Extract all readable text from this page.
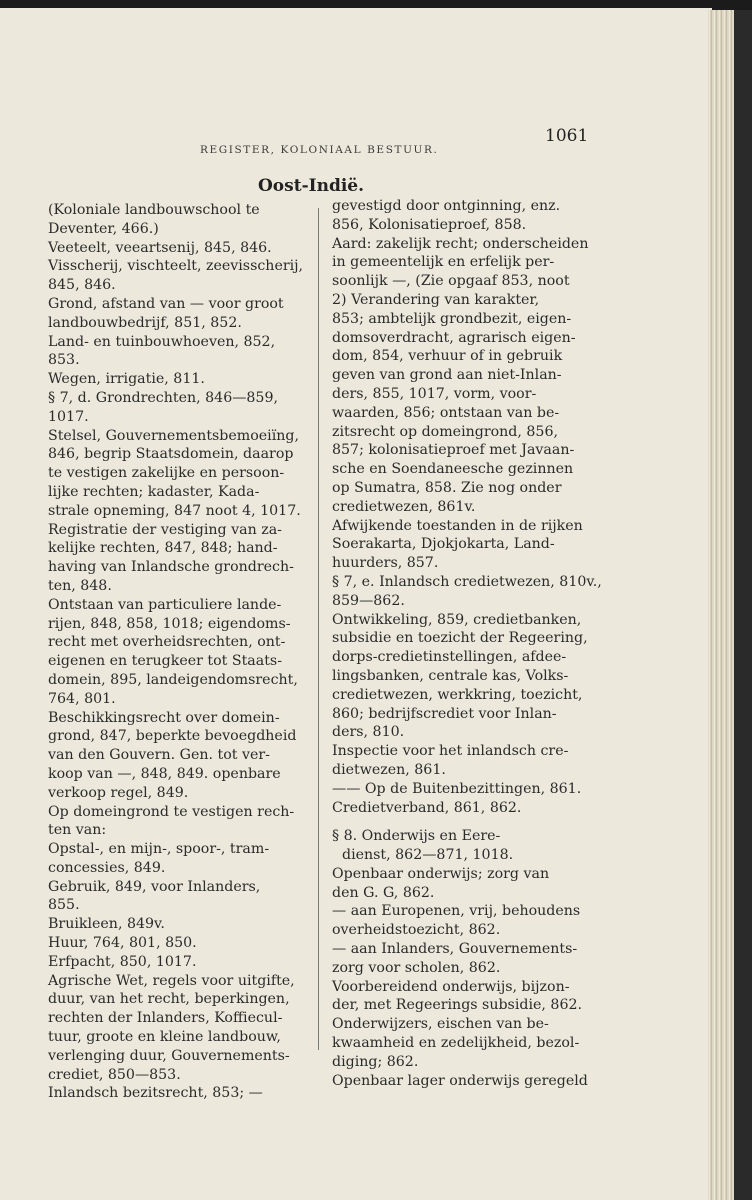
REGISTER, KOLONIAAL BESTUUR.
1061
Oost-Indië.
(Koloniale landbouwschool te
Deventer, 466.)
Veeteelt, veeartsenij, 845, 846.
Visscherij, vischteelt, zeevisscherij,
845, 846.
Grond, afstand van — voor groot
landbouwbedrijf, 851, 852.
Land- en tuinbouwhoeven, 852,
853.
Wegen, irrigatie, 811.
§ 7, d. Grondrechten, 846—859,
1017.
Stelsel, Gouvernementsbemoeiïng,
846, begrip Staatsdomein, daarop
te vestigen zakelijke en persoon-
lijke rechten; kadaster, Kada-
strale opneming, 847 noot 4, 1017.
Registratie der vestiging van za-
kelijke rechten, 847, 848; hand-
having van Inlandsche grondrech-
ten, 848.
Ontstaan van particuliere lande-
rijen, 848, 858, 1018; eigendoms-
recht met overheidsrechten, ont-
eigenen en terugkeer tot Staats-
domein, 895, landeigendomsrecht,
764, 801.
Beschikkingsrecht over domein-
grond, 847, beperkte bevoegdheid
van den Gouvern. Gen. tot ver-
koop van —, 848, 849. openbare
verkoop regel, 849.
Op domeingrond te vestigen rech-
ten van:
Opstal-, en mijn-, spoor-, tram-
concessies, 849.
Gebruik, 849, voor Inlanders,
855.
Bruikleen, 849v.
Huur, 764, 801, 850.
Erfpacht, 850, 1017.
Agrische Wet, regels voor uitgifte,
duur, van het recht, beperkingen,
rechten der Inlanders, Koffiecul-
tuur, groote en kleine landbouw,
verlenging duur, Gouvernements-
crediet, 850—853.
Inlandsch bezitsrecht, 853; —
gevestigd door ontginning, enz.
856, Kolonisatieproef, 858.
Aard: zakelijk recht; onderscheiden
in gemeentelijk en erfelijk per-
soonlijk —, (Zie opgaaf 853, noot
2) Verandering van karakter,
853; ambtelijk grondbezit, eigen-
domsoverdracht, agrarisch eigen-
dom, 854, verhuur of in gebruik
geven van grond aan niet-Inlan-
ders, 855, 1017, vorm, voor-
waarden, 856; ontstaan van be-
zitsrecht op domeingrond, 856,
857; kolonisatieproef met Javaan-
sche en Soendaneesche gezinnen
op Sumatra, 858. Zie nog onder
credietwezen, 861v.
Afwijkende toestanden in de rijken
Soerakarta, Djokjokarta, Land-
huurders, 857.
§ 7, e. Inlandsch credietwezen, 810v.,
859—862.
Ontwikkeling, 859, credietbanken,
subsidie en toezicht der Regeering,
dorps-credietinstellingen, afdee-
lingsbanken, centrale kas, Volks-
credietwezen, werkkring, toezicht,
860; bedrijfscrediet voor Inlan-
ders, 810.
Inspectie voor het inlandsch cre-
dietwezen, 861.
—— Op de Buitenbezittingen, 861.
Credietverband, 861, 862.
§ 8. Onderwijs en Eere-
dienst, 862—871, 1018.
Openbaar onderwijs; zorg van
den G. G, 862.
— aan Europenen, vrij, behoudens
overheidstoezicht, 862.
— aan Inlanders, Gouvernements-
zorg voor scholen, 862.
Voorbereidend onderwijs, bijzon-
der, met Regeerings subsidie, 862.
Onderwijzers, eischen van be-
kwaamheid en zedelijkheid, bezol-
diging; 862.
Openbaar lager onderwijs geregeld
